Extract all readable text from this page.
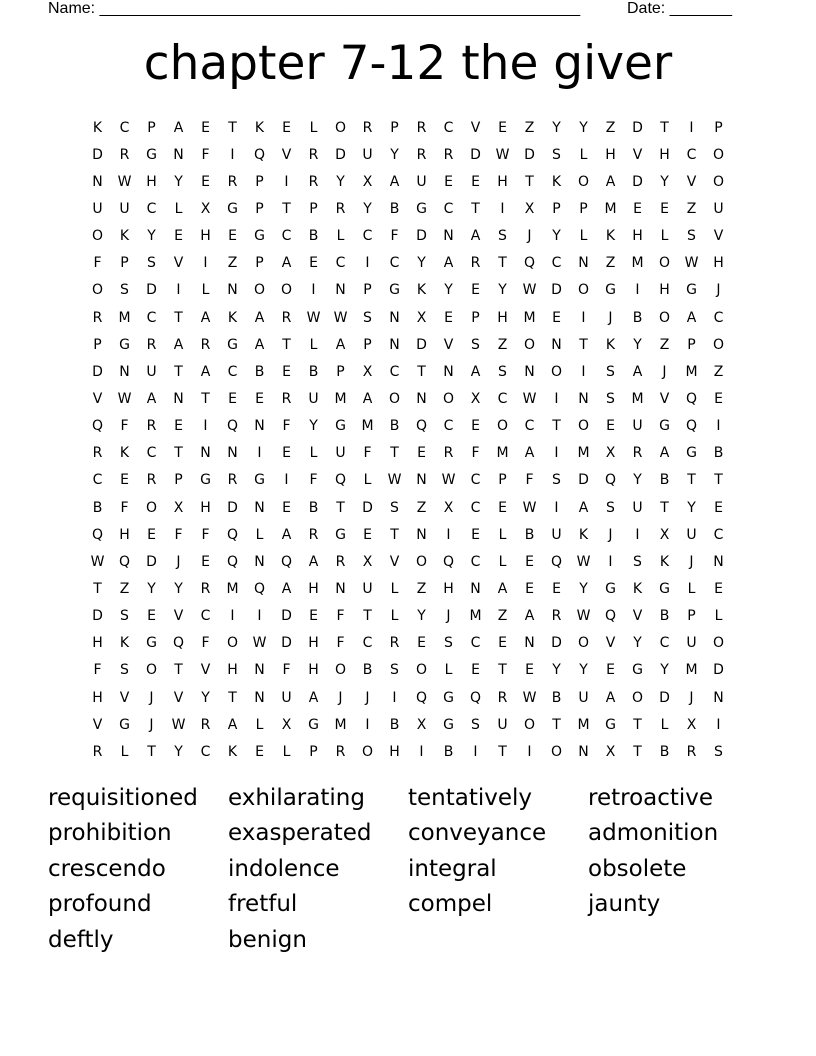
Name: ______________________________________________________	Date: _______
chapter 7-12 the giver
K	C	P	A	E	T	K	E	L	O	R	P	R	C	V	E	Z	Y	Y	Z	D	T	I	P
D	R	G	N	F	I	Q	V	R	D	U	Y	R	R	D	W	D	S	L	H	V	H	C	O
N	W	H	Y	E	R	P	I	R	Y	X	A	U	E	E	H	T	K	O	A	D	Y	V	O
U	U	C	L	X	G	P	T	P	R	Y	B	G	C	T	I	X	P	P	M	E	E	Z	U
O	K	Y	E	H	E	G	C	B	L	C	F	D	N	A	S	J	Y	L	K	H	L	S	V
F	P	S	V	I	Z	P	A	E	C	I	C	Y	A	R	T	Q	C	N	Z	M	O	W	H
O	S	D	I	L	N	O	O	I	N	P	G	K	Y	E	Y	W	D	O	G	I	H	G	J
R	M	C	T	A	K	A	R	W W	S	N	X	E	P	H	M	E	I	J	B	O	A	C
P	G	R	A	R	G	A	T	L	A	P	N	D	V	S	Z	O	N	T	K	Y	Z	P	O
D	N	U	T	A	C	B	E	B	P	X	C	T	N	A	S	N	O	I	S	A	J	M	Z
V	W	A	N	T	E	E	R	U	M	A	O	N	O	X	C	W	I	N	S	M	V	Q	E
Q	F	R	E	I	Q	N	F	Y	G	M	B	Q	C	E	O	C	T	O	E	U	G	Q	I
R	K	C	T	N	N	I	E	L	U	F	T	E	R	F	M	A	I	M	X	R	A	G	B
C	E	R	P	G	R	G	I	F	Q	L	W	N	W	C	P	F	S	D	Q	Y	B	T	T
B	F	O	X	H	D	N	E	B	T	D	S	Z	X	C	E	W	I	A	S	U	T	Y	E
Q	H	E	F	F	Q	L	A	R	G	E	T	N	I	E	L	B	U	K	J	I	X	U	C
W	Q	D	J	E	Q	N	Q	A	R	X	V	O	Q	C	L	E	Q	W	I	S	K	J	N
T	Z	Y	Y	R	M	Q	A	H	N	U	L	Z	H	N	A	E	E	Y	G	K	G	L	E
D	S	E	V	C	I	I	D	E	F	T	L	Y	J	M	Z	A	R	W	Q	V	B	P	L
H	K	G	Q	F	O	W	D	H	F	C	R	E	S	C	E	N	D	O	V	Y	C	U	O
F	S	O	T	V	H	N	F	H	O	B	S	O	L	E	T	E	Y	Y	E	G	Y	M	D
H	V	J	V	Y	T	N	U	A	J	J	I	Q	G	Q	R	W	B	U	A	O	D	J	N
V	G	J	W	R	A	L	X	G	M	I	B	X	G	S	U	O	T	M	G	T	L	X	I
R	L	T	Y	C	K	E	L	P	R	O	H	I	B	I	T	I	O	N	X	T	B	R	S
requisitioned	exhilarating	tentatively	retroactive
prohibition	exasperated	conveyance	admonition
crescendo	indolence	integral	obsolete
profound	fretful	compel	jaunty
deftly	benign
